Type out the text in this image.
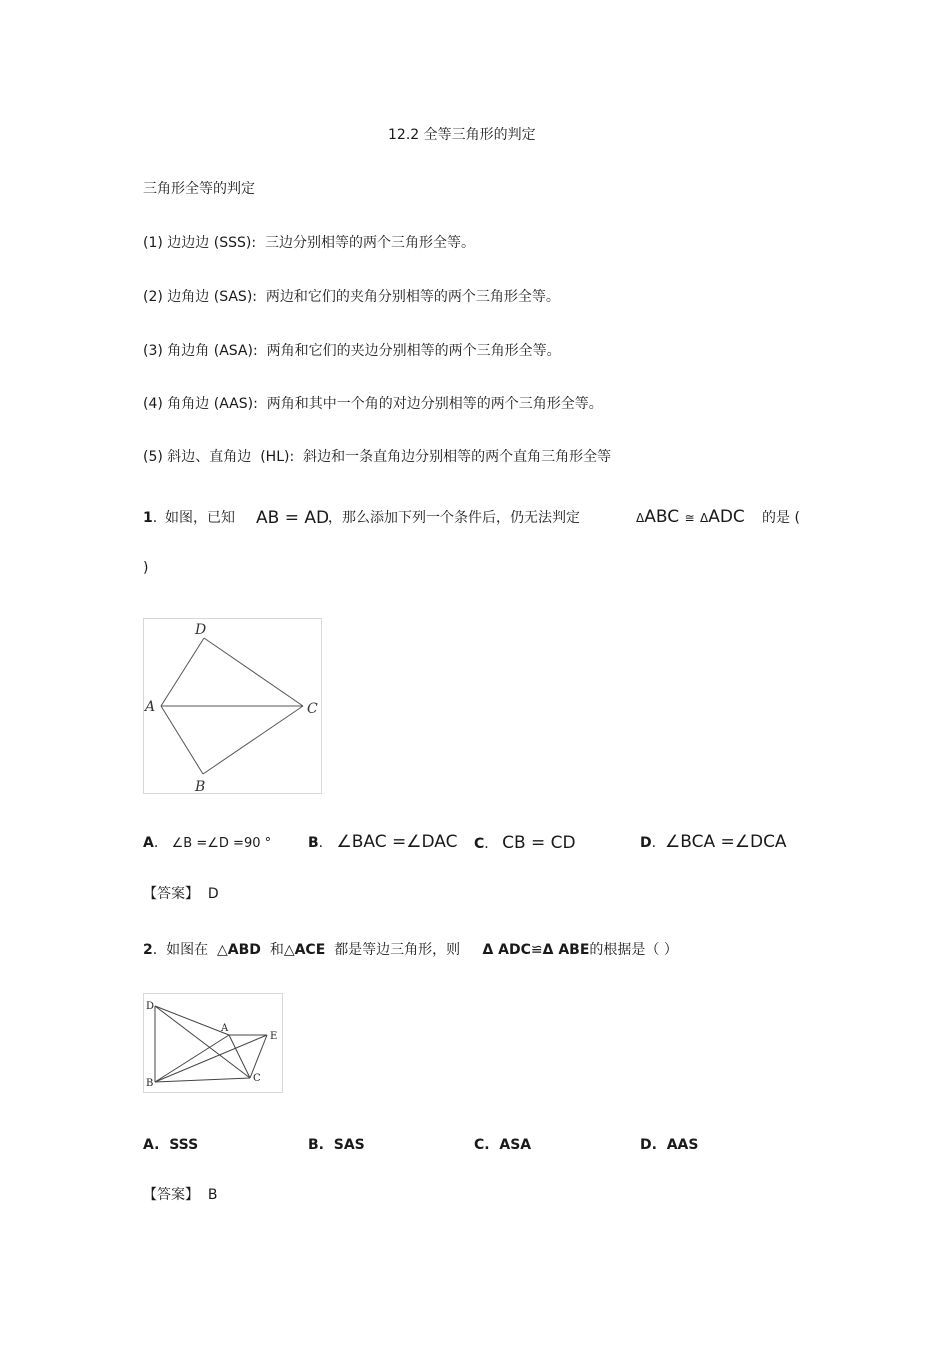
12.2 全等三角形的判定
三角形全等的判定
(1) 边边边 (SSS): 三边分别相等的两个三角形全等。
(2) 边角边 (SAS): 两边和它们的夹角分别相等的两个三角形全等。
(3) 角边角 (ASA): 两角和它们的夹边分别相等的两个三角形全等。
(4) 角角边 (AAS): 两角和其中一个角的对边分别相等的两个三角形全等。
(5) 斜边、直角边 (HL): 斜边和一条直角边分别相等的两个直角三角形全等
1. 如图，已知 AB = AD
，那么添加下列一个条件后，仍无法判定	ΔABC ≅ ΔADC 的是 (
)
D
A	C
B
A.   ∠B =∠D =90 °	B.   ∠BAC =∠DAC C.   CB = CD	D.  ∠BCA =∠DCA
【答案】 D
2. 如图在 △ABD 和△ACE 都是等边三角形，则 Δ ADC≌Δ ABE的根据是（ ）
D
A
E
B	C
A.  SSS	B.  SAS	C.  ASA	D.  AAS
【答案】 B
